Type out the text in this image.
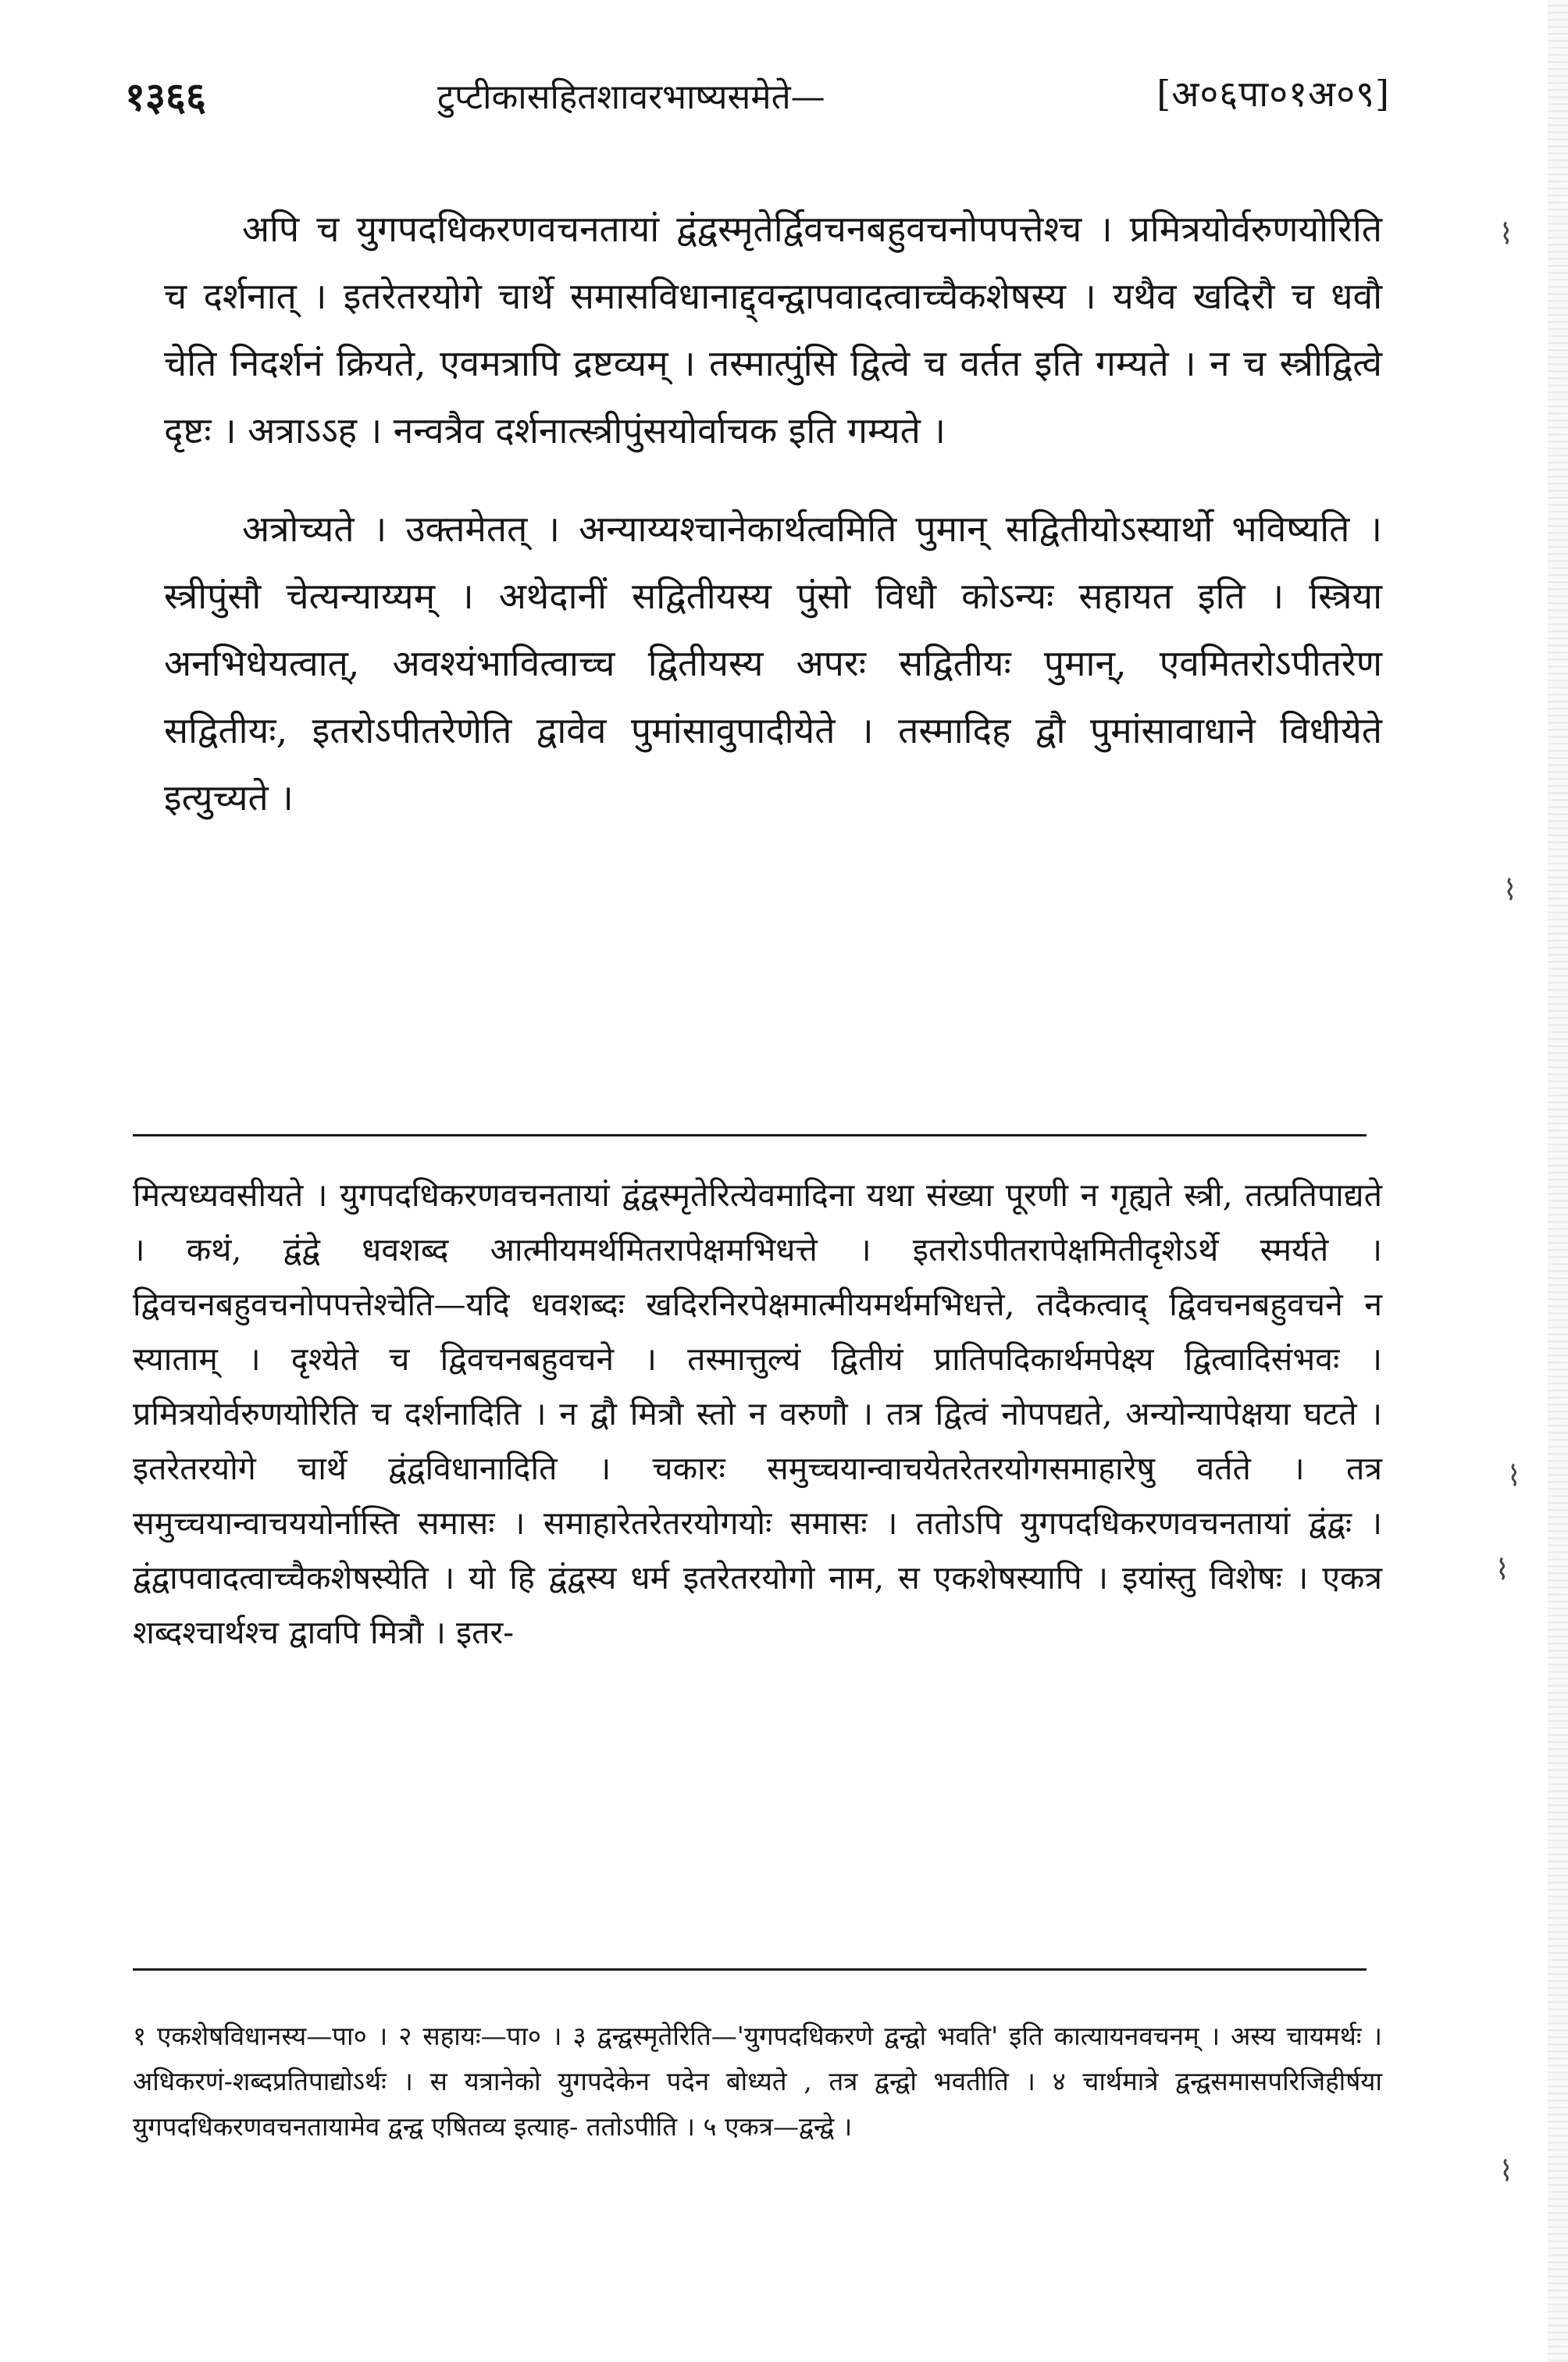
१३६६	टुप्टीकासहितशावरभाष्यसमेते—	[अ०६पा०१अ०९]

अपि च युगपदधिकरणवचनतायां द्वंद्वस्मृतेर्द्विवचनबहुवचनोपपत्तेश्च । प्रमित्रयोर्वरुणयोरिति च दर्शनात् । इतरेतरयोगे चार्थे समासविधानाद्द्वन्द्वापवादत्वाच्चैकशेषस्य । यथैव खदिरौ च धवौ चेति निदर्शनं क्रियते, एवमत्रापि द्रष्टव्यम् । तस्मात्पुंसि द्वित्वे च वर्तत इति गम्यते । न च स्त्रीद्वित्वे दृष्टः । अत्राऽऽह । नन्वत्रैव दर्शनात्स्त्रीपुंसयोर्वाचक इति गम्यते ।

अत्रोच्यते । उक्तमेतत् । अन्याय्यश्चानेकार्थत्वमिति पुमान् सद्वितीयोऽस्यार्थो भविष्यति । स्त्रीपुंसौ चेत्यन्याय्यम् । अथेदानीं सद्वितीयस्य पुंसो विधौ कोऽन्यः सहायत इति । स्त्रिया अनभिधेयत्वात्, अवश्यंभावित्वाच्च द्वितीयस्य अपरः सद्वितीयः पुमान्, एवमितरोऽपीतरेण सद्वितीयः, इतरोऽपीतरेणेति द्वावेव पुमांसावुपादीयेते । तस्मादिह द्वौ पुमांसावाधाने विधीयेते इत्युच्यते ।

मित्यध्यवसीयते । युगपदधिकरणवचनतायां द्वंद्वस्मृतेरित्येवमादिना यथा संख्या पूरणी न गृह्यते स्त्री, तत्प्रतिपाद्यते । कथं, द्वंद्वे धवशब्द आत्मीयमर्थमितरापेक्षमभिधत्ते । इतरोऽपीतरापेक्षमितीदृशेऽर्थे स्मर्यते । द्विवचनबहुवचनोपपत्तेश्चेति—यदि धवशब्दः खदिरनिरपेक्षमात्मीयमर्थमभिधत्ते, तदैकत्वाद् द्विवचनबहुवचने न स्याताम् । दृश्येते च द्विवचनबहुवचने । तस्मात्तुल्यं द्वितीयं प्रातिपदिकार्थमपेक्ष्य द्वित्वादिसंभवः । प्रमित्रयोर्वरुणयोरिति च दर्शनादिति । न द्वौ मित्रौ स्तो न वरुणौ । तत्र द्वित्वं नोपपद्यते, अन्योन्यापेक्षया घटते । इतरेतरयोगे चार्थे द्वंद्वविधानादिति । चकारः समुच्चयान्वाचयेतरेतरयोगसमाहारेषु वर्तते । तत्र समुच्चयान्वाचययोर्नास्ति समासः । समाहारेतरेतरयोगयोः समासः । ततोऽपि युगपदधिकरणवचनतायां द्वंद्वः । द्वंद्वापवादत्वाच्चैकशेषस्येति । यो हि द्वंद्वस्य धर्म इतरेतरयोगो नाम, स एकशेषस्यापि । इयांस्तु विशेषः । एकत्र शब्दश्चार्थश्च द्वावपि मित्रौ । इतर-

१ एकशेषविधानस्य—पा० । २ सहायः—पा० । ३ द्वन्द्वस्मृतेरिति—'युगपदधिकरणे द्वन्द्वो भवति' इति कात्यायनवचनम् । अस्य चायमर्थः । अधिकरणं-शब्दप्रतिपाद्योऽर्थः । स यत्रानेको युगपदेकेन पदेन बोध्यते , तत्र द्वन्द्वो भवतीति । ४ चार्थमात्रे द्वन्द्वसमासपरिजिहीर्षया युगपदधिकरणवचनतायामेव द्वन्द्व एषितव्य इत्याह- ततोऽपीति । ५ एकत्र—द्वन्द्वे ।

⌇
⌇
⌇
⌇
⌇
